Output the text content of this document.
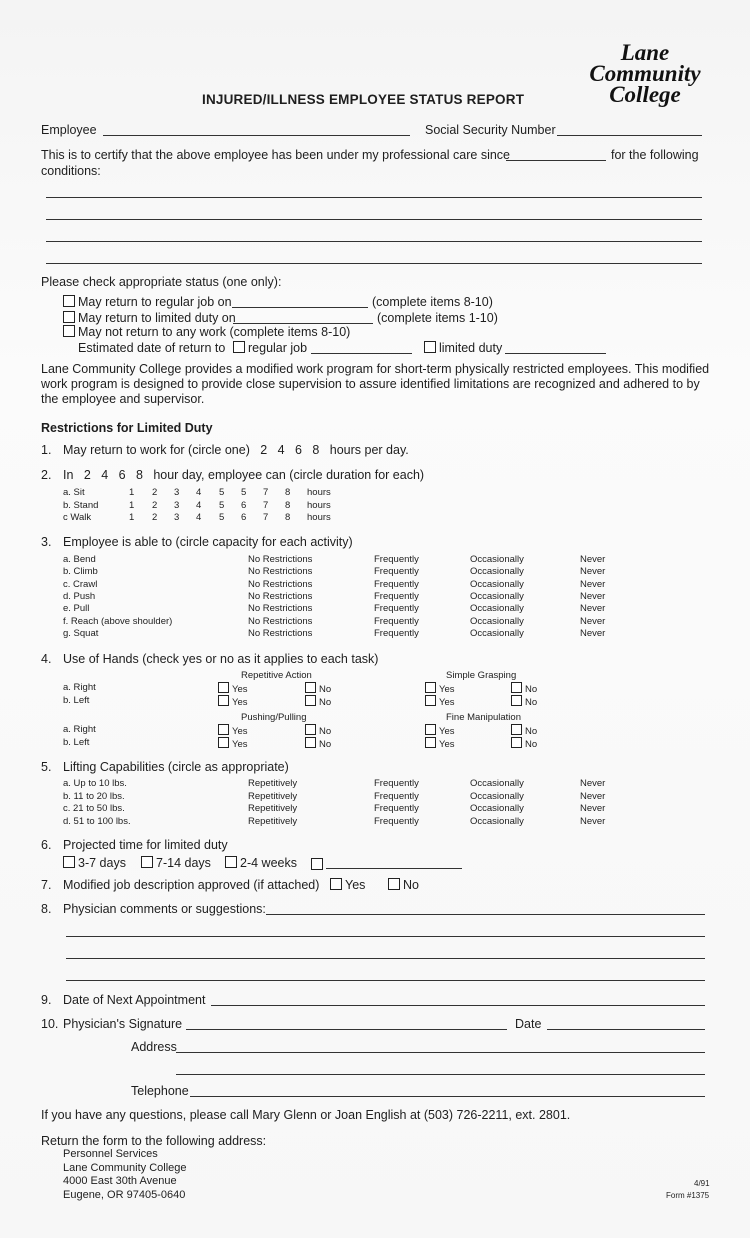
Lane
Community
College
INJURED/ILLNESS EMPLOYEE STATUS REPORT
Employee	Social Security Number
This is to certify that the above employee has been under my professional care since	for the following
conditions:
Please check appropriate status (one only):
May return to regular job on	(complete items 8-10)
May return to limited duty on	(complete items 1-10)
May not return to any work (complete items 8-10)
Estimated date of return to	regular job	limited duty
Lane Community College provides a modified work program for short-term physically restricted employees. This modified
work program is designed to provide close supervision to assure identified limitations are recognized and adhered to by
the employee and supervisor.
Restrictions for Limited Duty
1. May return to work for (circle one)   2   4   6   8   hours per day.
2. In   2   4   6   8   hour day, employee can (circle duration for each)
a. Sit	1 2 3 4 5 5 7 8 hours
b. Stand	1 2 3 4 5 6 7 8 hours
c Walk	1 2 3 4 5 6 7 8 hours
3. Employee is able to (circle capacity for each activity)
a. Bend	No Restrictions	Frequently	Occasionally	Never
b. Climb	No Restrictions	Frequently	Occasionally	Never
c. Crawl	No Restrictions	Frequently	Occasionally	Never
d. Push	No Restrictions	Frequently	Occasionally	Never
e. Pull	No Restrictions	Frequently	Occasionally	Never
f. Reach (above shoulder)	No Restrictions	Frequently	Occasionally	Never
g. Squat	No Restrictions	Frequently	Occasionally	Never
4. Use of Hands (check yes or no as it applies to each task)
Repetitive Action	Simple Grasping
a. Right	Yes	No	Yes	No
b. Left	Yes	No	Yes	No
Pushing/Pulling	Fine Manipulation
a. Right	Yes	No	Yes	No
b. Left	Yes	No	Yes	No
5. Lifting Capabilities (circle as appropriate)
a. Up to 10 lbs.	Repetitively	Frequently	Occasionally	Never
b. 11 to 20 lbs.	Repetitively	Frequently	Occasionally	Never
c. 21 to 50 lbs.	Repetitively	Frequently	Occasionally	Never
d. 51 to 100 lbs.	Repetitively	Frequently	Occasionally	Never
6. Projected time for limited duty
3-7 days	7-14 days	2-4 weeks
7. Modified job description approved (if attached)	Yes	No
8. Physician comments or suggestions:
9. Date of Next Appointment
10. Physician's Signature	Date
Address
Telephone
If you have any questions, please call Mary Glenn or Joan English at (503) 726-2211, ext. 2801.
Return the form to the following address:
Personnel Services
Lane Community College
4000 East 30th Avenue
Eugene, OR 97405-0640
4/91
Form #1375
